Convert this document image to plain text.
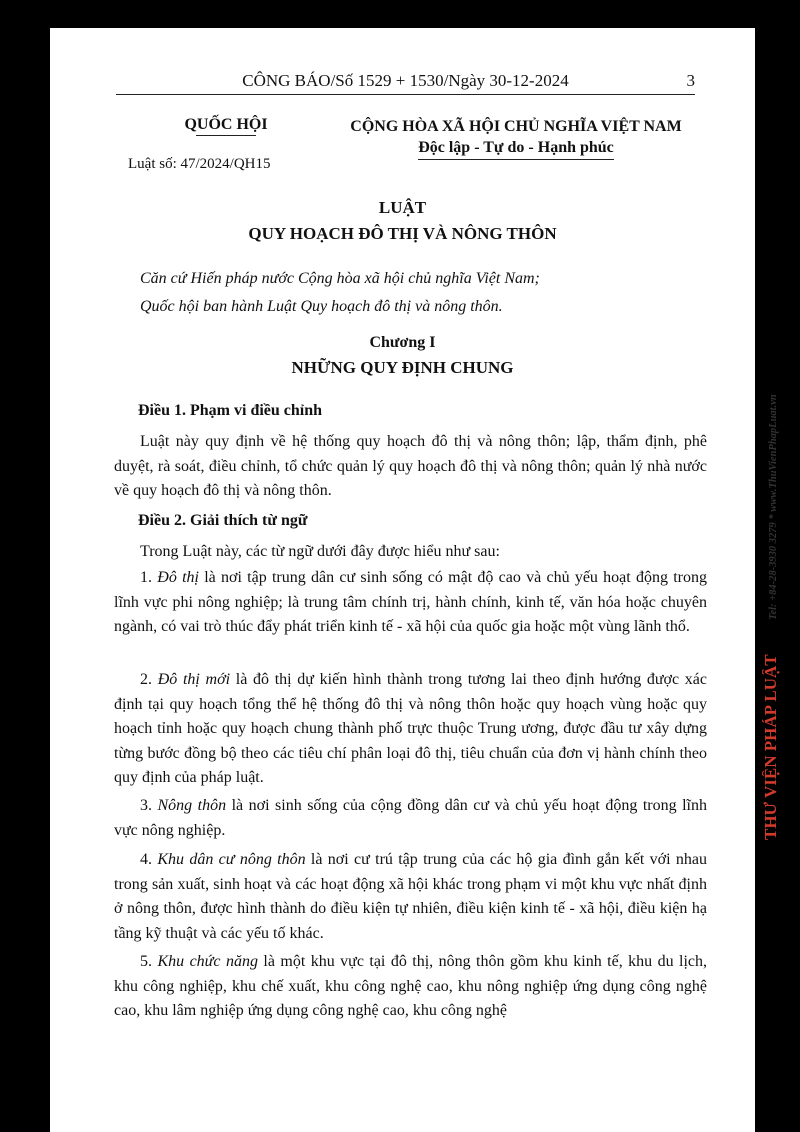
CÔNG BÁO/Số 1529 + 1530/Ngày 30-12-2024	3
QUỐC HỘI	CỘNG HÒA XÃ HỘI CHỦ NGHĨA VIỆT NAM
Độc lập - Tự do - Hạnh phúc
Luật số: 47/2024/QH15
LUẬT
QUY HOẠCH ĐÔ THỊ VÀ NÔNG THÔN
Căn cứ Hiến pháp nước Cộng hòa xã hội chủ nghĩa Việt Nam;
Quốc hội ban hành Luật Quy hoạch đô thị và nông thôn.
Chương I
NHỮNG QUY ĐỊNH CHUNG
Điều 1. Phạm vi điều chỉnh
Luật này quy định về hệ thống quy hoạch đô thị và nông thôn; lập, thẩm định, phê duyệt, rà soát, điều chỉnh, tổ chức quản lý quy hoạch đô thị và nông thôn; quản lý nhà nước về quy hoạch đô thị và nông thôn.
Điều 2. Giải thích từ ngữ
Trong Luật này, các từ ngữ dưới đây được hiểu như sau:
1. Đô thị là nơi tập trung dân cư sinh sống có mật độ cao và chủ yếu hoạt động trong lĩnh vực phi nông nghiệp; là trung tâm chính trị, hành chính, kinh tế, văn hóa hoặc chuyên ngành, có vai trò thúc đẩy phát triển kinh tế - xã hội của quốc gia hoặc một vùng lãnh thổ.
2. Đô thị mới là đô thị dự kiến hình thành trong tương lai theo định hướng được xác định tại quy hoạch tổng thể hệ thống đô thị và nông thôn hoặc quy hoạch vùng hoặc quy hoạch tỉnh hoặc quy hoạch chung thành phố trực thuộc Trung ương, được đầu tư xây dựng từng bước đồng bộ theo các tiêu chí phân loại đô thị, tiêu chuẩn của đơn vị hành chính theo quy định của pháp luật.
3. Nông thôn là nơi sinh sống của cộng đồng dân cư và chủ yếu hoạt động trong lĩnh vực nông nghiệp.
4. Khu dân cư nông thôn là nơi cư trú tập trung của các hộ gia đình gắn kết với nhau trong sản xuất, sinh hoạt và các hoạt động xã hội khác trong phạm vi một khu vực nhất định ở nông thôn, được hình thành do điều kiện tự nhiên, điều kiện kinh tế - xã hội, điều kiện hạ tầng kỹ thuật và các yếu tố khác.
5. Khu chức năng là một khu vực tại đô thị, nông thôn gồm khu kinh tế, khu du lịch, khu công nghiệp, khu chế xuất, khu công nghệ cao, khu nông nghiệp ứng dụng công nghệ cao, khu lâm nghiệp ứng dụng công nghệ cao, khu công nghệ
THƯ VIỆN PHÁP LUẬT
Tel: +84-28-3930 3279 * www.ThuVienPhapLuat.vn
